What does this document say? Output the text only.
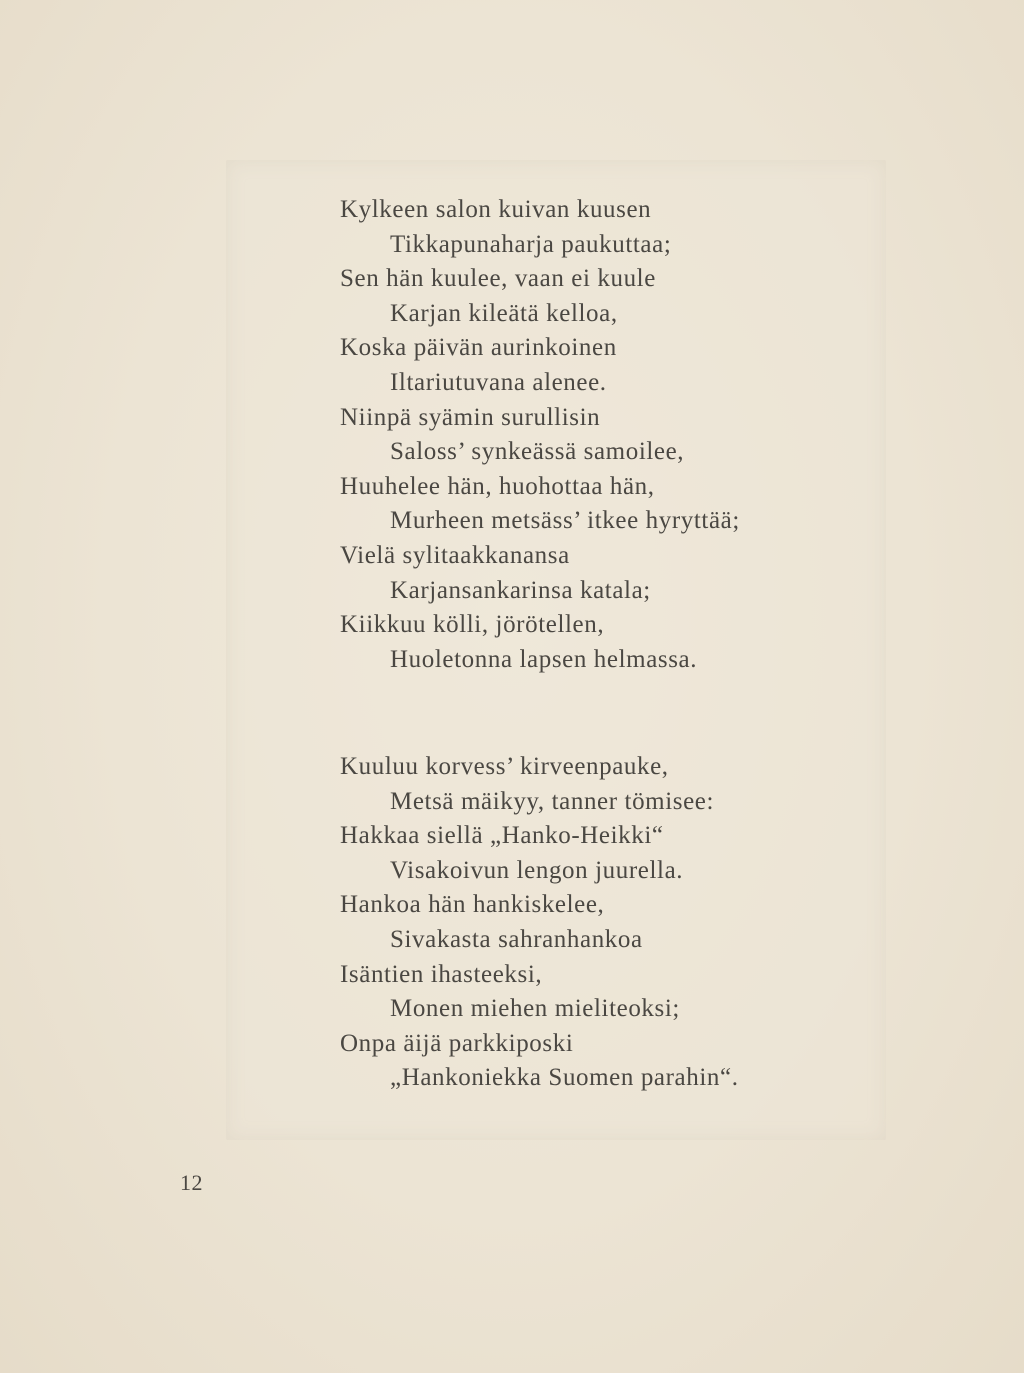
Kylkeen salon kuivan kuusen
Tikkapunaharja paukuttaa;
Sen hän kuulee, vaan ei kuule
Karjan kileätä kelloa,
Koska päivän aurinkoinen
Iltariutuvana alenee.
Niinpä syämin surullisin
Saloss’ synkeässä samoilee,
Huuhelee hän, huohottaa hän,
Murheen metsäss’ itkee hyryttää;
Vielä sylitaakkanansa
Karjansankarinsa katala;
Kiikkuu kölli, jörötellen,
Huoletonna lapsen helmassa.
Kuuluu korvess’ kirveenpauke,
Metsä mäikyy, tanner tömisee:
Hakkaa siellä „Hanko-Heikki“
Visakoivun lengon juurella.
Hankoa hän hankiskelee,
Sivakasta sahranhankoa
Isäntien ihasteeksi,
Monen miehen mieliteoksi;
Onpa äijä parkkiposki
„Hankoniekka Suomen parahin“.
12
